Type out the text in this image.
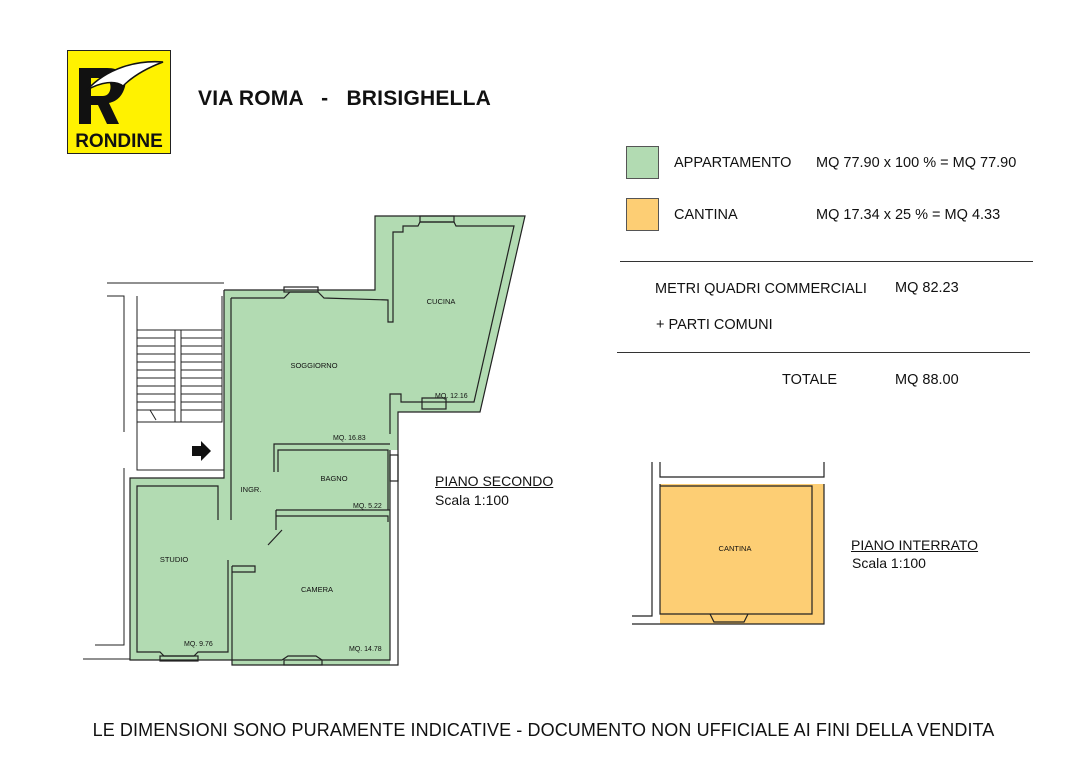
RONDINE
VIA ROMA   -   BRISIGHELLA
APPARTAMENTO MQ 77.90 x 100 % = MQ 77.90
CANTINA	MQ 17.34 x 25 % = MQ 4.33
METRI QUADRI COMMERCIALI MQ 82.23
+ PARTI COMUNI
TOTALE	MQ 88.00
CUCINA
MQ. 12.16
SOGGIORNO
MQ. 16.83
BAGNO
MQ. 5.22
INGR.
STUDIO
MQ. 9.76
CAMERA
MQ. 14.78
CANTINA
PIANO SECONDO
Scala 1:100
PIANO INTERRATO
Scala 1:100
LE DIMENSIONI SONO PURAMENTE INDICATIVE - DOCUMENTO NON UFFICIALE AI FINI DELLA VENDITA
